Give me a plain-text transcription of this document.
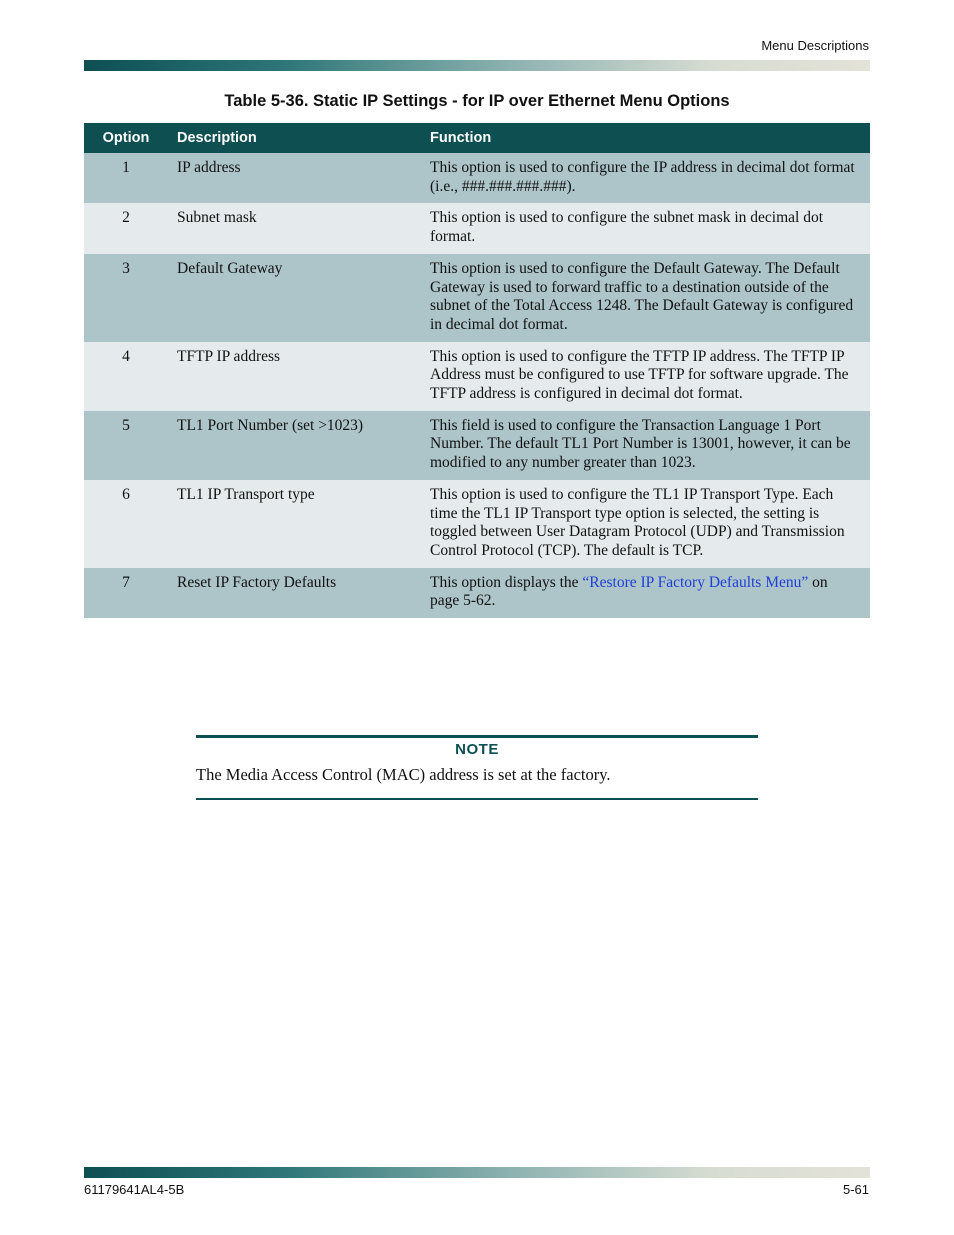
Menu Descriptions
Table 5-36. Static IP Settings - for IP over Ethernet Menu Options
Option	Description	Function
1	IP address	This option is used to configure the IP address in decimal dot format (i.e., ###.###.###.###).
2	Subnet mask	This option is used to configure the subnet mask in decimal dot format.
3	Default Gateway	This option is used to configure the Default Gateway. The Default Gateway is used to forward traffic to a destination outside of the subnet of the Total Access 1248. The Default Gateway is configured in decimal dot format.
4	TFTP IP address	This option is used to configure the TFTP IP address. The TFTP IP Address must be configured to use TFTP for software upgrade. The TFTP address is configured in decimal dot format.
5	TL1 Port Number (set >1023)	This field is used to configure the Transaction Language 1 Port Number. The default TL1 Port Number is 13001, however, it can be modified to any number greater than 1023.
6	TL1 IP Transport type	This option is used to configure the TL1 IP Transport Type. Each time the TL1 IP Transport type option is selected, the setting is toggled between User Datagram Protocol (UDP) and Transmission Control Protocol (TCP). The default is TCP.
7	Reset IP Factory Defaults	This option displays the “Restore IP Factory Defaults Menu” on page 5-62.
NOTE
The Media Access Control (MAC) address is set at the factory.
61179641AL4-5B	5-61
